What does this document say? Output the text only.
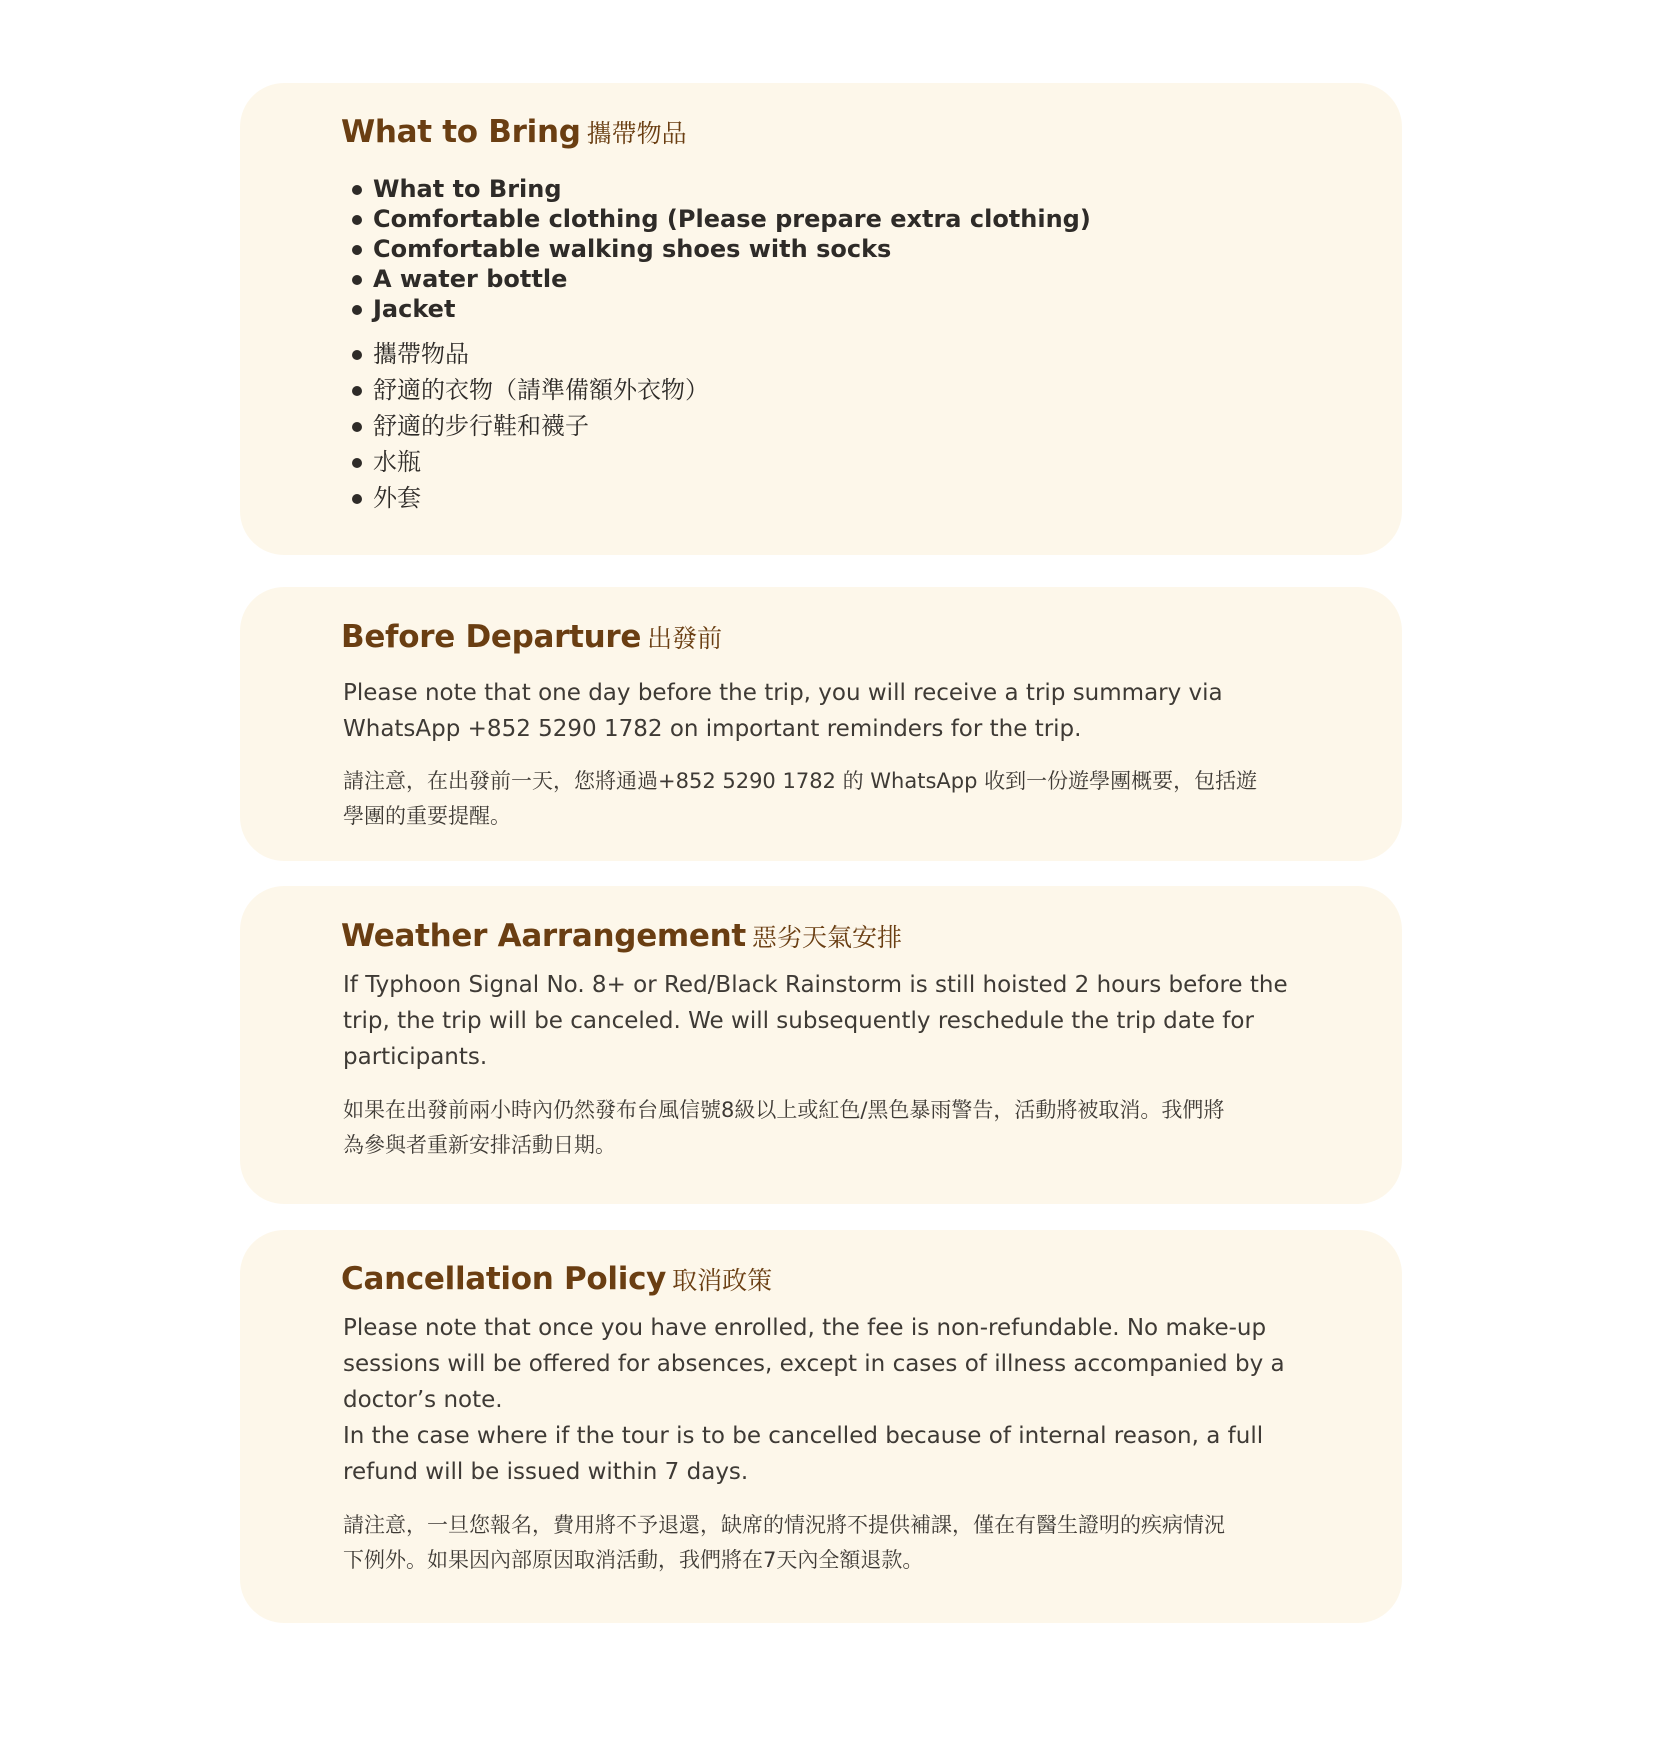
What to Bring 攜帶物品
What to Bring
Comfortable clothing (Please prepare extra clothing)
Comfortable walking shoes with socks
A water bottle
Jacket
攜帶物品
舒適的衣物（請準備額外衣物）
舒適的步行鞋和襪子
水瓶
外套
Before Departure 出發前

Please note that one day before the trip, you will receive a trip summary via
WhatsApp +852 5290 1782 on important reminders for the trip.

請注意，在出發前一天，您將通過+852 5290 1782 的 WhatsApp 收到一份遊學團概要，包括遊
學團的重要提醒。

Weather Aarrangement 惡劣天氣安排

If Typhoon Signal No. 8+ or Red/Black Rainstorm is still hoisted 2 hours before the
trip, the trip will be canceled. We will subsequently reschedule the trip date for
participants.

如果在出發前兩小時內仍然發布台風信號8級以上或紅色/黑色暴雨警告，活動將被取消。我們將
為參與者重新安排活動日期。

Cancellation Policy 取消政策

Please note that once you have enrolled, the fee is non-refundable. No make-up
sessions will be offered for absences, except in cases of illness accompanied by a
doctor’s note.
In the case where if the tour is to be cancelled because of internal reason, a full
refund will be issued within 7 days.

請注意，一旦您報名，費用將不予退還，缺席的情況將不提供補課，僅在有醫生證明的疾病情況
下例外。如果因內部原因取消活動，我們將在7天內全額退款。
